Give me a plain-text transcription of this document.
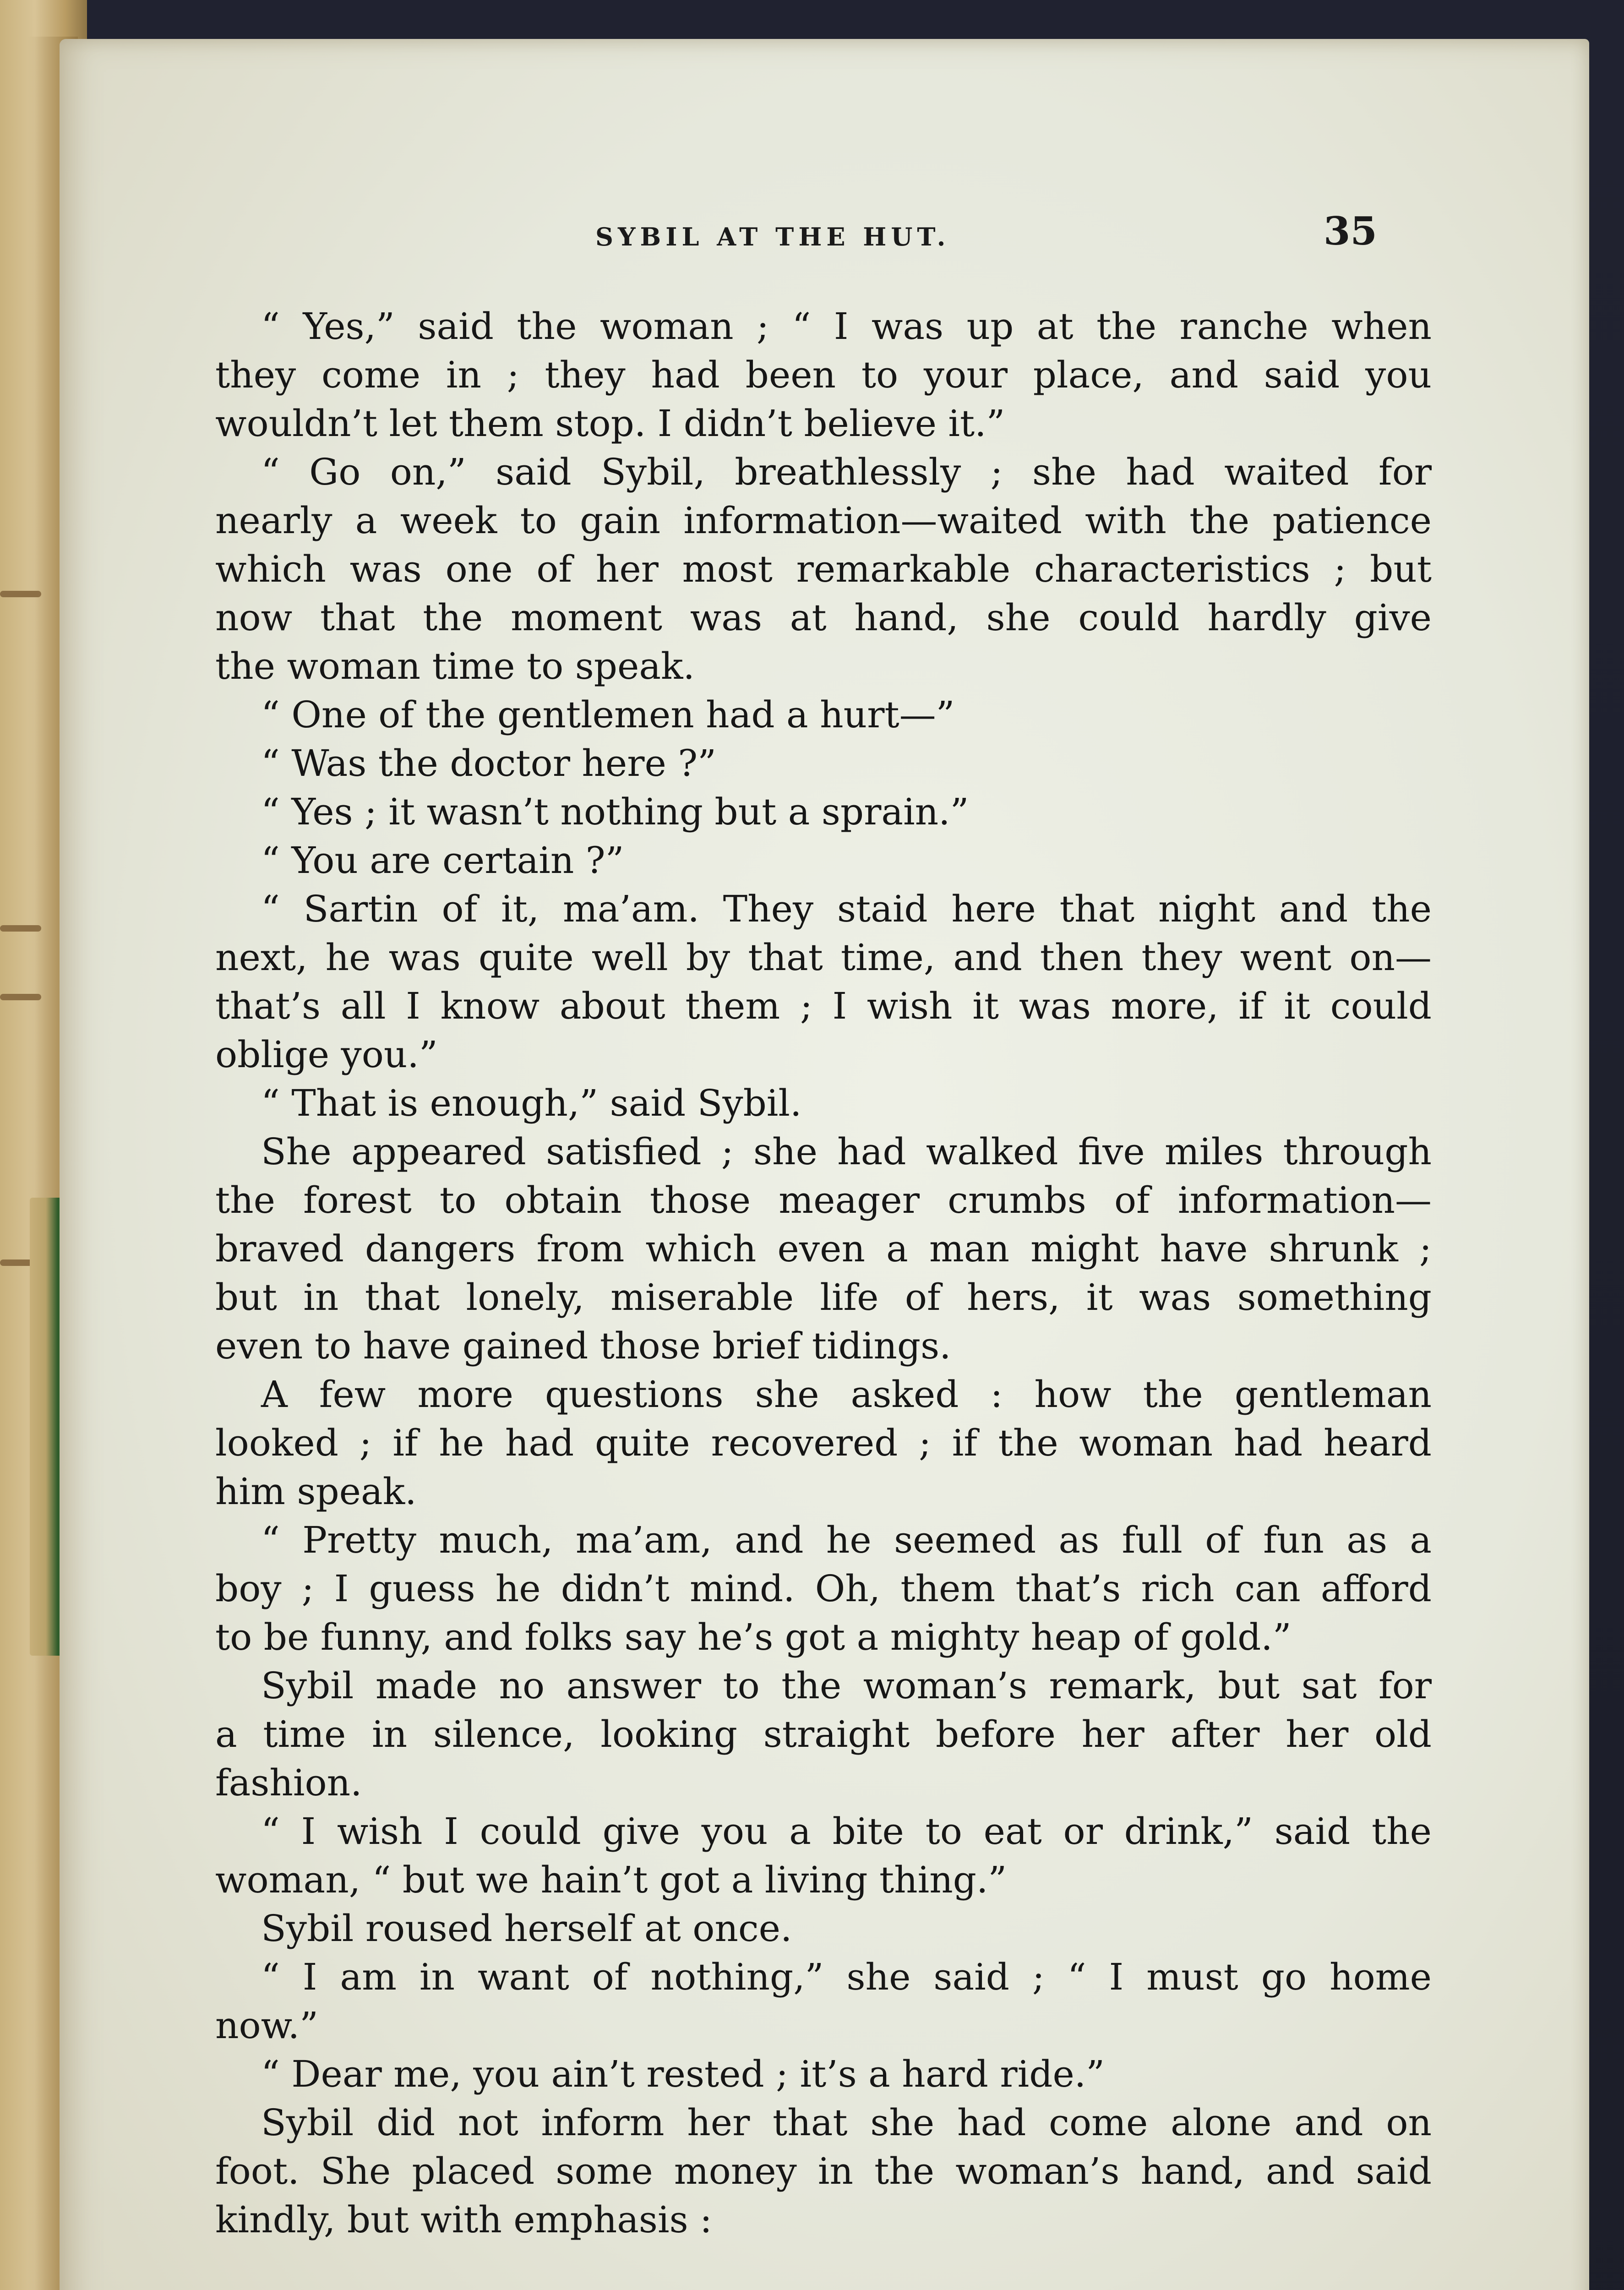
SYBIL AT THE HUT.	35
“ Yes,” said the woman ; “ I was up at the ranche when
they come in ; they had been to your place, and said you
wouldn’t let them stop. I didn’t believe it.”
“ Go on,” said Sybil, breathlessly ; she had waited for
nearly a week to gain information—waited with the patience
which was one of her most remarkable characteristics ; but
now that the moment was at hand, she could hardly give
the woman time to speak.
“ One of the gentlemen had a hurt—”
“ Was the doctor here ?”
“ Yes ; it wasn’t nothing but a sprain.”
“ You are certain ?”
“ Sartin of it, ma’am. They staid here that night and the
next, he was quite well by that time, and then they went on—
that’s all I know about them ; I wish it was more, if it could
oblige you.”
“ That is enough,” said Sybil.
She appeared satisfied ; she had walked five miles through
the forest to obtain those meager crumbs of information—
braved dangers from which even a man might have shrunk ;
but in that lonely, miserable life of hers, it was something
even to have gained those brief tidings.
A few more questions she asked : how the gentleman
looked ; if he had quite recovered ; if the woman had heard
him speak.
“ Pretty much, ma’am, and he seemed as full of fun as a
boy ; I guess he didn’t mind. Oh, them that’s rich can afford
to be funny, and folks say he’s got a mighty heap of gold.”
Sybil made no answer to the woman’s remark, but sat for
a time in silence, looking straight before her after her old
fashion.
“ I wish I could give you a bite to eat or drink,” said the
woman, “ but we hain’t got a living thing.”
Sybil roused herself at once.
“ I am in want of nothing,” she said ; “ I must go home
now.”
“ Dear me, you ain’t rested ; it’s a hard ride.”
Sybil did not inform her that she had come alone and on
foot. She placed some money in the woman’s hand, and said
kindly, but with emphasis :
